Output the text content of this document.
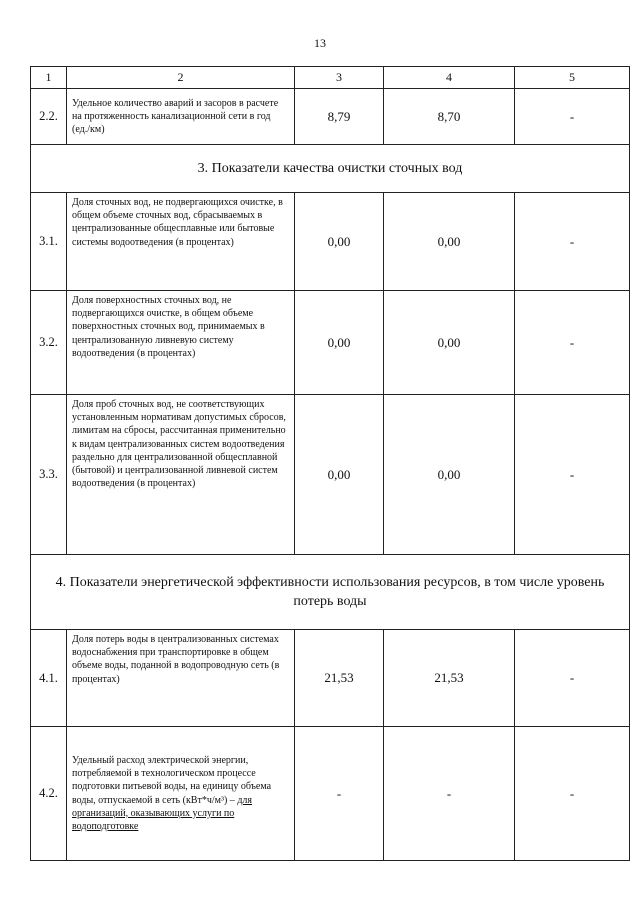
13
1	2	3	4	5
2.2.	Удельное количество аварий и засоров в расчете на протяженность канализационной сети в год (ед./км)	8,79	8,70	-
3. Показатели качества очистки сточных вод				
3.1.	Доля сточных вод, не подвергающихся очистке, в общем объеме сточных вод, сбрасываемых в централизованные общесплавные или бытовые системы водоотведения (в процентах)	0,00	0,00	-
3.2.	Доля поверхностных сточных вод, не подвергающихся очистке, в общем объеме поверхностных сточных вод, принимаемых в централизованную ливневую систему водоотведения (в процентах)	0,00	0,00	-
3.3.	Доля проб сточных вод, не соответствующих установленным нормативам допустимых сбросов, лимитам на сбросы, рассчитанная применительно к видам централизованных систем водоотведения раздельно для централизованной общесплавной (бытовой) и централизованной ливневой систем водоотведения (в процентах)	0,00	0,00	-
4. Показатели энергетической эффективности использования ресурсов, в том числе уровень потерь воды				
4.1.	Доля потерь воды в централизованных системах водоснабжения при транспортировке в общем объеме воды, поданной в водопроводную сеть (в процентах)	21,53	21,53	-
4.2.	Удельный расход электрической энергии, потребляемой в технологическом процессе подготовки питьевой воды, на единицу объема воды, отпускаемой в сеть (кВт*ч/м³) – для организаций, оказывающих услуги по водоподготовке	-	-	-
